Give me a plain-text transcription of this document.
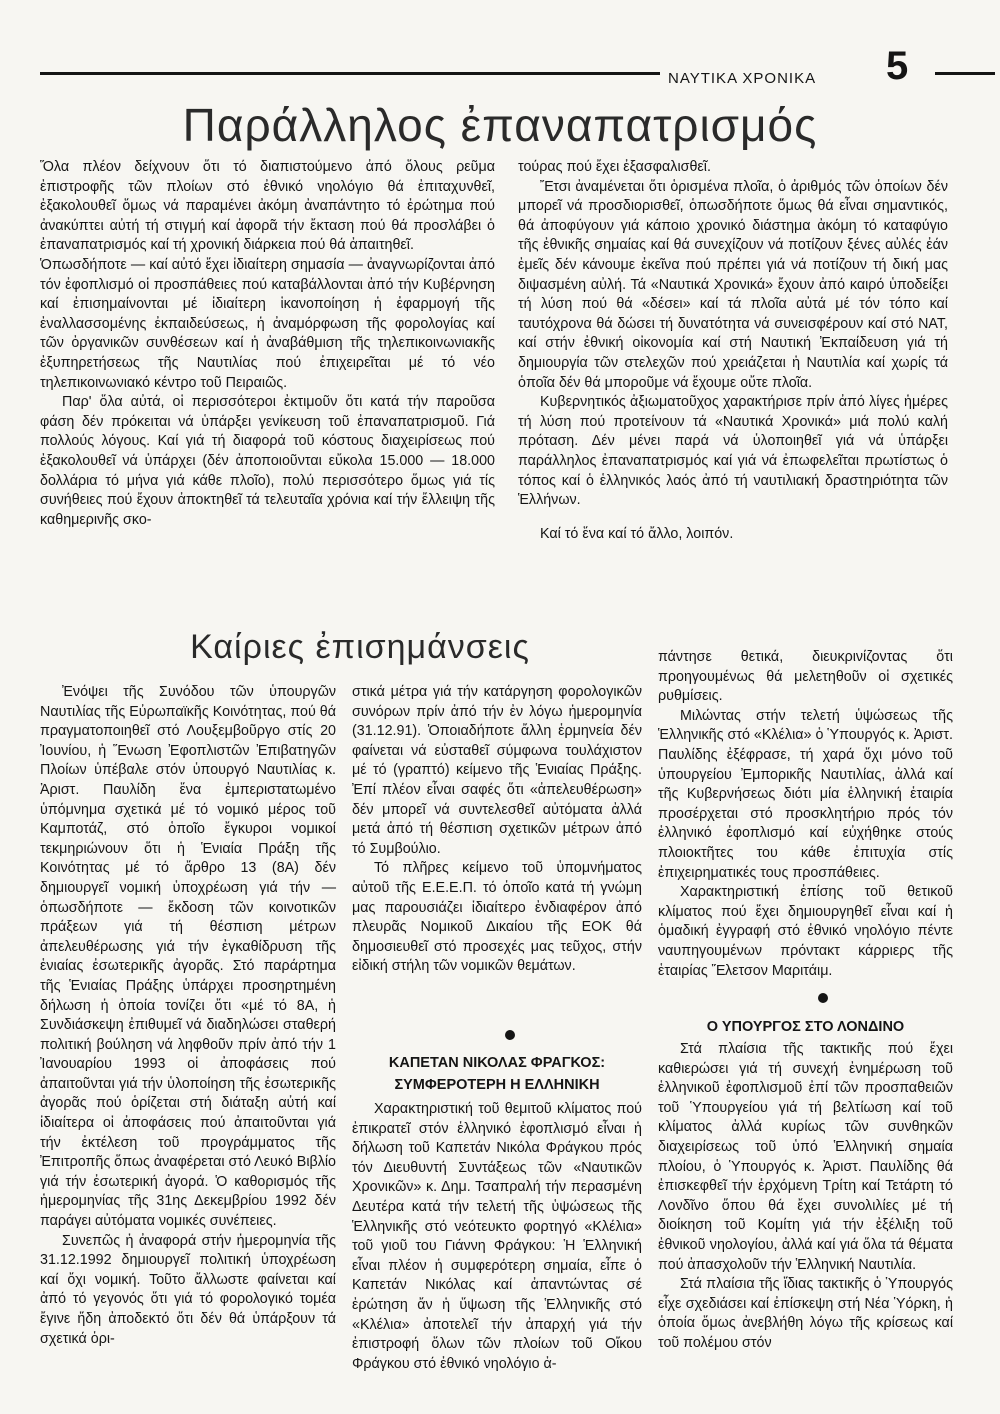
ΝΑΥΤΙΚΑ ΧΡΟΝΙΚΑ 5
Παράλληλος ἐπαναπατρισμός

Ὅλα πλέον δείχνουν ὅτι τό διαπιστούμενο ἀπό ὅλους ρεῦμα ἐπιστροφῆς τῶν πλοίων στό ἐθνικό νηολόγιο θά ἐπιταχυνθεῖ, ἐξακολουθεῖ ὅμως νά παραμένει ἀκόμη ἀναπάντητο τό ἐρώτημα πού ἀνακύπτει αὐτή τή στιγμή καί ἀφορᾶ τήν ἔκταση πού θά προσλάβει ὁ ἐπαναπατρισμός καί τή χρονική διάρκεια πού θά ἀπαιτηθεῖ.

Ὁπωσδήποτε — καί αὐτό ἔχει ἰδιαίτερη σημασία — ἀναγνωρίζονται ἀπό τόν ἐφοπλισμό οἱ προσπάθειες πού καταβάλλονται ἀπό τήν Κυβέρνηση καί ἐπισημαίνονται μέ ἰδιαίτερη ἱκανοποίηση ἡ ἐφαρμογή τῆς ἐναλλασσομένης ἐκπαιδεύσεως, ἡ ἀναμόρφωση τῆς φορολογίας καί τῶν ὀργανικῶν συνθέσεων καί ἡ ἀναβάθμιση τῆς τηλεπικοινωνιακῆς ἐξυπηρετήσεως τῆς Ναυτιλίας πού ἐπιχειρεῖται μέ τό νέο τηλεπικοινωνιακό κέντρο τοῦ Πειραιῶς.

Παρ' ὅλα αὐτά, οἱ περισσότεροι ἐκτιμοῦν ὅτι κατά τήν παροῦσα φάση δέν πρόκειται νά ὑπάρξει γενίκευση τοῦ ἐπαναπατρισμοῦ. Γιά πολλούς λόγους. Καί γιά τή διαφορά τοῦ κόστους διαχειρίσεως πού ἐξακολουθεῖ νά ὑπάρχει (δέν ἀποποιοῦνται εὔκολα 15.000 — 18.000 δολλάρια τό μήνα γιά κάθε πλοῖο), πολύ περισσότερο ὅμως γιά τίς συνήθειες πού ἔχουν ἀποκτηθεῖ τά τελευταῖα χρόνια καί τήν ἔλλειψη τῆς καθημερινῆς σκο-

τούρας πού ἔχει ἐξασφαλισθεῖ.

Ἔτσι ἀναμένεται ὅτι ὁρισμένα πλοῖα, ὁ ἀριθμός τῶν ὁποίων δέν μπορεῖ νά προσδιορισθεῖ, ὁπωσδήποτε ὅμως θά εἶναι σημαντικός, θά ἀποφύγουν γιά κάποιο χρονικό διάστημα ἀκόμη τό καταφύγιο τῆς ἐθνικῆς σημαίας καί θά συνεχίζουν νά ποτίζουν ξένες αὐλές ἐάν ἐμεῖς δέν κάνουμε ἐκεῖνα πού πρέπει γιά νά ποτίζουν τή δική μας διψασμένη αὐλή. Τά «Ναυτικά Χρονικά» ἔχουν ἀπό καιρό ὑποδείξει τή λύση πού θά «δέσει» καί τά πλοῖα αὐτά μέ τόν τόπο καί ταυτόχρονα θά δώσει τή δυνατότητα νά συνεισφέρουν καί στό ΝΑΤ, καί στήν ἐθνική οἰκονομία καί στή Ναυτική Ἐκπαίδευση γιά τή δημιουργία τῶν στελεχῶν πού χρειάζεται ἡ Ναυτιλία καί χωρίς τά ὁποῖα δέν θά μποροῦμε νά ἔχουμε οὔτε πλοῖα.

Κυβερνητικός ἀξιωματοῦχος χαρακτήρισε πρίν ἀπό λίγες ἡμέρες τή λύση πού προτείνουν τά «Ναυτικά Χρονικά» μιά πολύ καλή πρόταση. Δέν μένει παρά νά ὑλοποιηθεῖ γιά νά ὑπάρξει παράλληλος ἐπαναπατρισμός καί γιά νά ἐπωφελεῖται πρωτίστως ὁ τόπος καί ὁ ἑλληνικός λαός ἀπό τή ναυτιλιακή δραστηριότητα τῶν Ἑλλήνων.

Καί τό ἕνα καί τό ἄλλο, λοιπόν.

Καίριες ἐπισημάνσεις

Ἐνόψει τῆς Συνόδου τῶν ὑπουργῶν Ναυτιλίας τῆς Εὐρωπαϊκῆς Κοινότητας, πού θά πραγματοποιηθεῖ στό Λουξεμβοῦργο στίς 20 Ἰουνίου, ἡ Ἕνωση Ἐφοπλιστῶν Ἐπιβατηγῶν Πλοίων ὑπέβαλε στόν ὑπουργό Ναυτιλίας κ. Ἀριστ. Παυλίδη ἕνα ἐμπεριστατωμένο ὑπόμνημα σχετικά μέ τό νομικό μέρος τοῦ Καμποτάζ, στό ὁποῖο ἔγκυροι νομικοί τεκμηριώνουν ὅτι ἡ Ἑνιαία Πράξη τῆς Κοινότητας μέ τό ἄρθρο 13 (8Α) δέν δημιουργεῖ νομική ὑποχρέωση γιά τήν — ὁπωσδήποτε — ἔκδοση τῶν κοινοτικῶν πράξεων γιά τή θέσπιση μέτρων ἀπελευθέρωσης γιά τήν ἐγκαθίδρυση τῆς ἑνιαίας ἐσωτερικῆς ἀγορᾶς. Στό παράρτημα τῆς Ἑνιαίας Πράξης ὑπάρχει προσηρτημένη δήλωση ἡ ὁποία τονίζει ὅτι «μέ τό 8Α, ἡ Συνδιάσκεψη ἐπιθυμεῖ νά διαδηλώσει σταθερή πολιτική βούληση νά ληφθοῦν πρίν ἀπό τήν 1 Ἰανουαρίου 1993 οἱ ἀποφάσεις πού ἀπαιτοῦνται γιά τήν ὑλοποίηση τῆς ἐσωτερικῆς ἀγορᾶς πού ὁρίζεται στή διάταξη αὐτή καί ἰδιαίτερα οἱ ἀποφάσεις πού ἀπαιτοῦνται γιά τήν ἐκτέλεση τοῦ προγράμματος τῆς Ἐπιτροπῆς ὅπως ἀναφέρεται στό Λευκό Βιβλίο γιά τήν ἐσωτερική ἀγορά. Ὁ καθορισμός τῆς ἡμερομηνίας τῆς 31ης Δεκεμβρίου 1992 δέν παράγει αὐτόματα νομικές συνέπειες.

Συνεπῶς ἡ ἀναφορά στήν ἡμερομηνία τῆς 31.12.1992 δημιουργεῖ πολιτική ὑποχρέωση καί ὄχι νομική. Τοῦτο ἄλλωστε φαίνεται καί ἀπό τό γεγονός ὅτι γιά τό φορολογικό τομέα ἔγινε ἤδη ἀποδεκτό ὅτι δέν θά ὑπάρξουν τά σχετικά ὁρι-

στικά μέτρα γιά τήν κατάργηση φορολογικῶν συνόρων πρίν ἀπό τήν ἐν λόγω ἡμερομηνία (31.12.91). Ὁποιαδήποτε ἄλλη ἑρμηνεία δέν φαίνεται νά εὐσταθεῖ σύμφωνα τουλάχιστον μέ τό (γραπτό) κείμενο τῆς Ἑνιαίας Πράξης. Ἐπί πλέον εἶναι σαφές ὅτι «ἀπελευθέρωση» δέν μπορεῖ νά συντελεσθεῖ αὐτόματα ἀλλά μετά ἀπό τή θέσπιση σχετικῶν μέτρων ἀπό τό Συμβούλιο.

Τό πλῆρες κείμενο τοῦ ὑπομνήματος αὐτοῦ τῆς Ε.Ε.Ε.Π. τό ὁποῖο κατά τή γνώμη μας παρουσιάζει ἰδιαίτερο ἐνδιαφέρον ἀπό πλευρᾶς Νομικοῦ Δικαίου τῆς ΕΟΚ θά δημοσιευθεῖ στό προσεχές μας τεῦχος, στήν εἰδική στήλη τῶν νομικῶν θεμάτων.

πάντησε θετικά, διευκρινίζοντας ὅτι προηγουμένως θά μελετηθοῦν οἱ σχετικές ρυθμίσεις.

Μιλώντας στήν τελετή ὑψώσεως τῆς Ἑλληνικῆς στό «Κλέλια» ὁ Ὑπουργός κ. Ἀριστ. Παυλίδης ἐξέφρασε, τή χαρά ὄχι μόνο τοῦ ὑπουργείου Ἐμπορικῆς Ναυτιλίας, ἀλλά καί τῆς Κυβερνήσεως διότι μία ἑλληνική ἑταιρία προσέρχεται στό προσκλητήριο πρός τόν ἑλληνικό ἐφοπλισμό καί εὐχήθηκε στούς πλοιοκτῆτες του κάθε ἐπιτυχία στίς ἐπιχειρηματικές τους προσπάθειες.

Χαρακτηριστική ἐπίσης τοῦ θετικοῦ κλίματος πού ἔχει δημιουργηθεῖ εἶναι καί ἡ ὁμαδική ἐγγραφή στό ἐθνικό νηολόγιο πέντε ναυπηγουμένων πρόντακτ κάρριερς τῆς ἑταιρίας Ἕλετσον Μαριτάιμ.

ΚΑΠΕΤΑΝ ΝΙΚΟΛΑΣ ΦΡΑΓΚΟΣ:
ΣΥΜΦΕΡΟΤΕΡΗ Η ΕΛΛΗΝΙΚΗ

Χαρακτηριστική τοῦ θεμιτοῦ κλίματος πού ἐπικρατεῖ στόν ἑλληνικό ἐφοπλισμό εἶναι ἡ δήλωση τοῦ Καπετάν Νικόλα Φράγκου πρός τόν Διευθυντή Συντάξεως τῶν «Ναυτικῶν Χρονικῶν» κ. Δημ. Τσαπραλή τήν περασμένη Δευτέρα κατά τήν τελετή τῆς ὑψώσεως τῆς Ἑλληνικῆς στό νεότευκτο φορτηγό «Κλέλια» τοῦ γιοῦ του Γιάννη Φράγκου: Ἡ Ἑλληνική εἶναι πλέον ἡ συμφερότερη σημαία, εἶπε ὁ Καπετάν Νικόλας καί ἀπαντώντας σέ ἐρώτηση ἄν ἡ ὕψωση τῆς Ἑλληνικῆς στό «Κλέλια» ἀποτελεῖ τήν ἀπαρχή γιά τήν ἐπιστροφή ὅλων τῶν πλοίων τοῦ Οἴκου Φράγκου στό ἐθνικό νηολόγιο ἀ-

Ο ΥΠΟΥΡΓΟΣ ΣΤΟ ΛΟΝΔΙΝΟ

Στά πλαίσια τῆς τακτικῆς πού ἔχει καθιερώσει γιά τή συνεχή ἐνημέρωση τοῦ ἑλληνικοῦ ἐφοπλισμοῦ ἐπί τῶν προσπαθειῶν τοῦ Ὑπουργείου γιά τή βελτίωση καί τοῦ κλίματος ἀλλά κυρίως τῶν συνθηκῶν διαχειρίσεως τοῦ ὑπό Ἑλληνική σημαία πλοίου, ὁ Ὑπουργός κ. Ἀριστ. Παυλίδης θά ἐπισκεφθεῖ τήν ἐρχόμενη Τρίτη καί Τετάρτη τό Λονδῖνο ὅπου θά ἔχει συνολιλίες μέ τή διοίκηση τοῦ Κομίτη γιά τήν ἐξέλιξη τοῦ ἐθνικοῦ νηολογίου, ἀλλά καί γιά ὅλα τά θέματα πού ἀπασχολοῦν τήν Ἑλληνική Ναυτιλία.

Στά πλαίσια τῆς ἴδιας τακτικῆς ὁ Ὑπουργός εἶχε σχεδιάσει καί ἐπίσκεψη στή Νέα Ὑόρκη, ἡ ὁποία ὅμως ἀνεβλήθη λόγω τῆς κρίσεως καί τοῦ πολέμου στόν
